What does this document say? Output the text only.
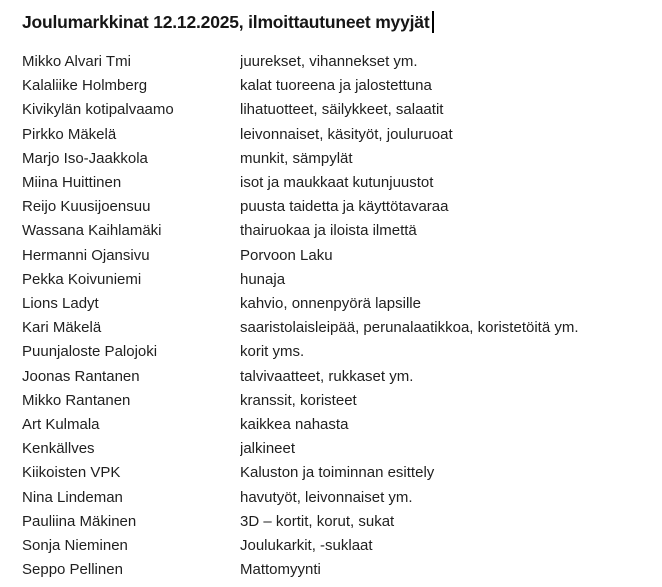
Joulumarkkinat 12.12.2025, ilmoittautuneet myyjät
Mikko Alvari Tmi	juurekset, vihannekset ym.
Kalaliike Holmberg	kalat tuoreena ja jalostettuna
Kivikylän kotipalvaamo	lihatuotteet, säilykkeet, salaatit
Pirkko Mäkelä	leivonnaiset, käsityöt, jouluruoat
Marjo Iso-Jaakkola	munkit, sämpylät
Miina Huittinen	isot ja maukkaat kutunjuustot
Reijo Kuusijoensuu	puusta taidetta ja käyttötavaraa
Wassana Kaihlamäki	thairuokaa ja iloista ilmettä
Hermanni Ojansivu	Porvoon Laku
Pekka Koivuniemi	hunaja
Lions Ladyt	kahvio, onnenpyörä lapsille
Kari Mäkelä	saaristolaisleipää, perunalaatikkoa, koristetöitä ym.
Puunjaloste Palojoki	korit yms.
Joonas Rantanen	talvivaatteet, rukkaset ym.
Mikko Rantanen	kranssit, koristeet
Art Kulmala	kaikkea nahasta
Kenkällves	jalkineet
Kiikoisten VPK	Kaluston ja toiminnan esittely
Nina Lindeman	havutyöt, leivonnaiset ym.
Pauliina Mäkinen	3D – kortit, korut, sukat
Sonja Nieminen	Joulukarkit, -suklaat
Seppo Pellinen	Mattomyynti
